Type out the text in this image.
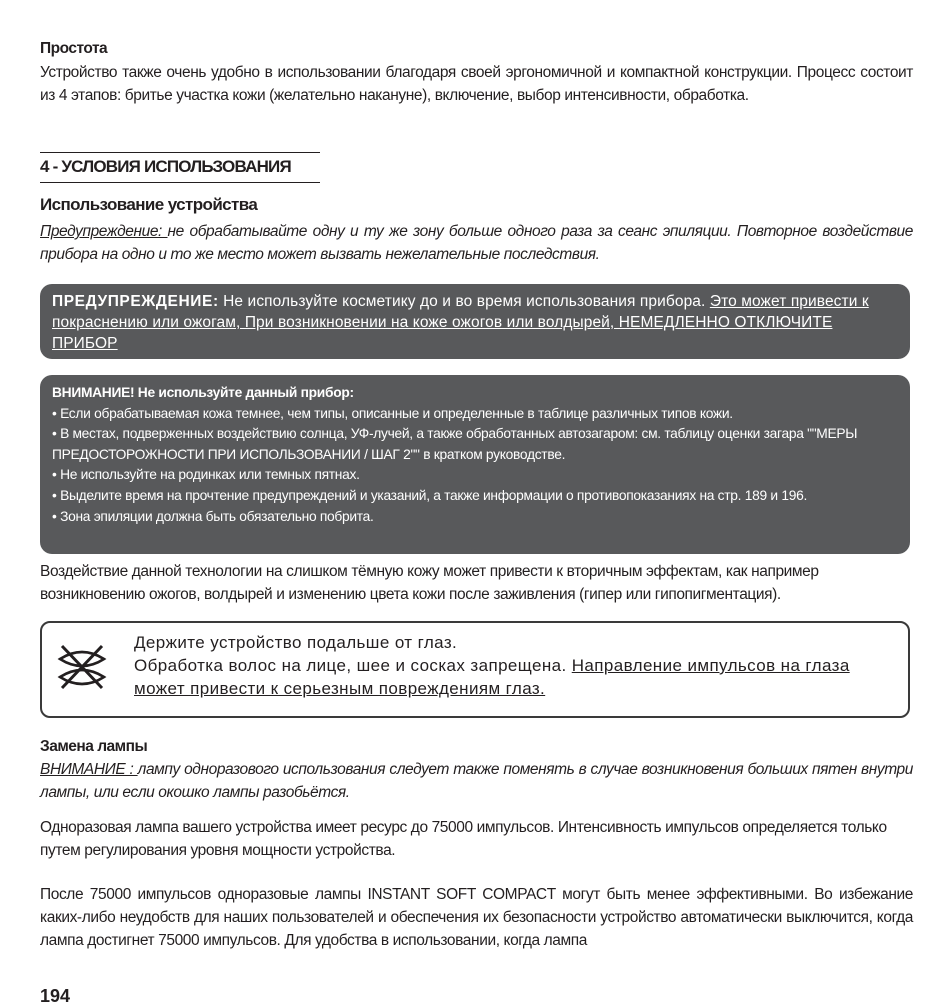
Простота

Устройство также очень удобно в использовании благодаря своей эргономичной и компактной конструкции. Процесс состоит из 4 этапов: бритье участка кожи (желательно накануне), включение, выбор интенсивности, обработка.

4 - УСЛОВИЯ ИСПОЛЬЗОВАНИЯ
Использование устройства

Предупреждение: не обрабатывайте одну и ту же зону больше одного раза за сеанс эпиляции. Повторное воздействие прибора на одно и то же место может вызвать нежелательные последствия.

ПРЕДУПРЕЖДЕНИЕ: Не используйте косметику до и во время использования прибора. Это может привести к покраснению или ожогам, При возникновении на коже ожогов или волдырей, НЕМЕДЛЕННО ОТКЛЮЧИТЕ ПРИБОР
ВНИМАНИЕ! Не используйте данный прибор:
• Если обрабатываемая кожа темнее, чем типы, описанные и определенные в таблице различных типов кожи.
• В местах, подверженных воздействию солнца, УФ-лучей, а также обработанных автозагаром: см. таблицу оценки загара ""МЕРЫ ПРЕДОСТОРОЖНОСТИ ПРИ ИСПОЛЬЗОВАНИИ / ШАГ 2"" в кратком руководстве.
• Не используйте на родинках или темных пятнах.
• Выделите время на прочтение предупреждений и указаний, а также информации о противопоказаниях на стр. 189 и 196.
• Зона эпиляции должна быть обязательно побрита.

Воздействие данной технологии на слишком тёмную кожу может привести к вторичным эффектам, как например возникновению ожогов, волдырей и изменению цвета кожи после заживления (гипер или гипопигментация).

Держите устройство подальше от глаз.
Обработка волос на лице, шее и сосках запрещена. Направление импульсов на глаза может привести к серьезным повреждениям глаз.
Замена лампы

ВНИМАНИЕ : лампу одноразового использования следует также поменять в случае возникновения больших пятен внутри лампы, или если окошко лампы разобьётся.

Одноразовая лампа вашего устройства имеет ресурс до 75000 импульсов. Интенсивность импульсов определяется только путем регулирования уровня мощности устройства.

После 75000 импульсов одноразовые лампы INSTANT SOFT COMPACT могут быть менее эффективными. Во избежание каких-либо неудобств для наших пользователей и обеспечения их безопасности устройство автоматически выключится, когда лампа достигнет 75000 импульсов. Для удобства в использовании, когда лампа

194
